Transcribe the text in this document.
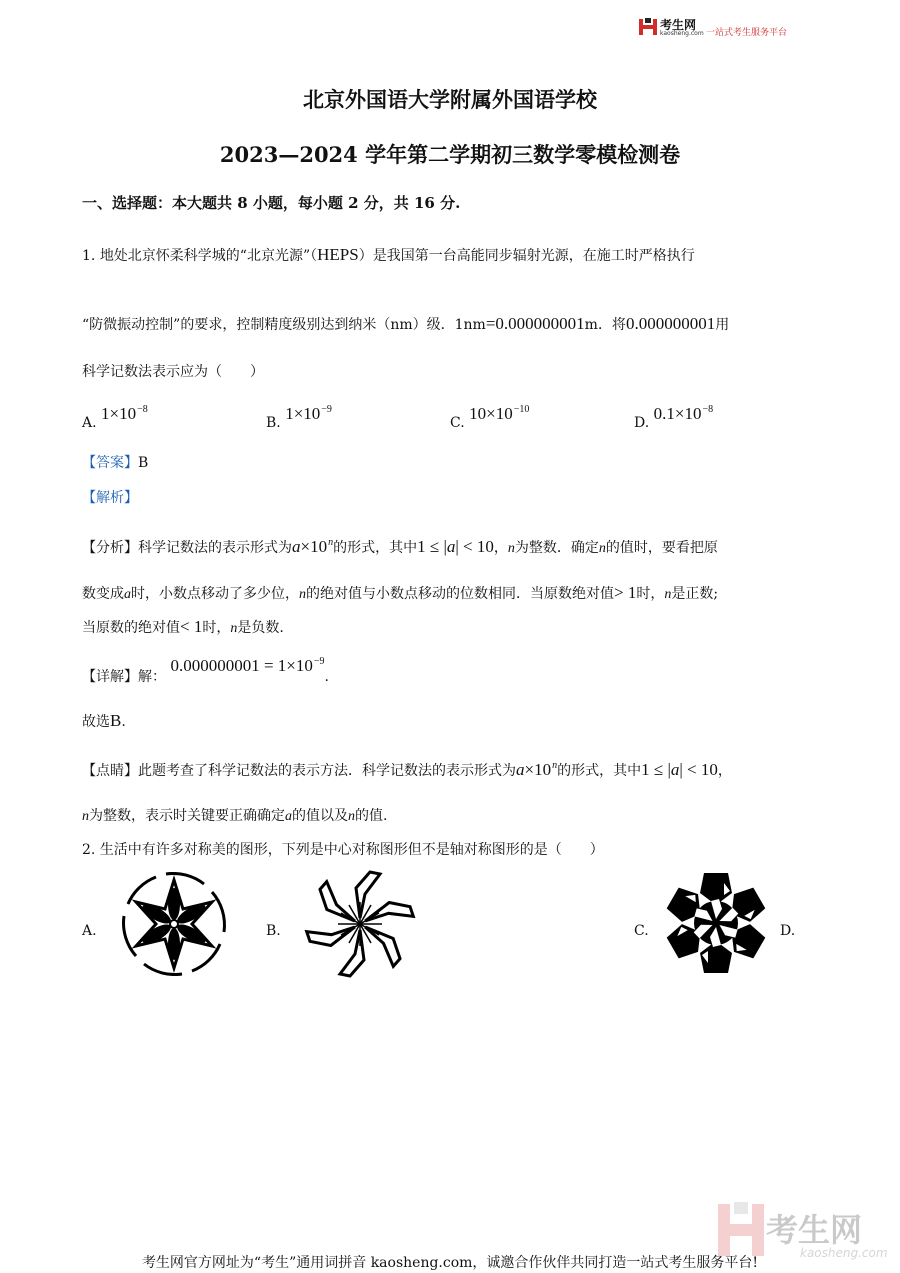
考生网
kaosheng.com 一站式考生服务平台
北京外国语大学附属外国语学校
2023—2024 学年第二学期初三数学零模检测卷
一、选择题：本大题共 8 小题，每小题 2 分，共 16 分.
1. 地处北京怀柔科学城的“北京光源”（HEPS）是我国第一台高能同步辐射光源，在施工时严格执行
“防微振动控制”的要求，控制精度级别达到纳米（nm）级．1nm=0.000000001m．将0.000000001用
科学记数法表示应为（　　）
A. $1\times 10^{-8}$
B. $1\times 10^{-9}$
C. $10\times 10^{-10}$
D. $0.1\times 10^{-8}$
【答案】B
【解析】
【分析】科学记数法的表示形式为$a\times 10^n$的形式，其中1 ≤ |a| < 10，n为整数．确定n的值时，要看把原
数变成a时，小数点移动了多少位，n的绝对值与小数点移动的位数相同．当原数绝对值> 1时，n是正数;
当原数的绝对值< 1时，n是负数.
【详解】解： $0.000000001 = 1\times 10^{-9}$.
故选B.
【点睛】此题考查了科学记数法的表示方法．科学记数法的表示形式为$a\times 10^n$的形式，其中1 ≤ |a| < 10，
n为整数，表示时关键要正确确定a的值以及n的值.
2. 生活中有许多对称美的图形，下列是中心对称图形但不是轴对称图形的是（　　）
A.	B.	C.	D.
考生网
kaosheng.com
考生网官方网址为“考生”通用词拼音 kaosheng.com，诚邀合作伙伴共同打造一站式考生服务平台!
